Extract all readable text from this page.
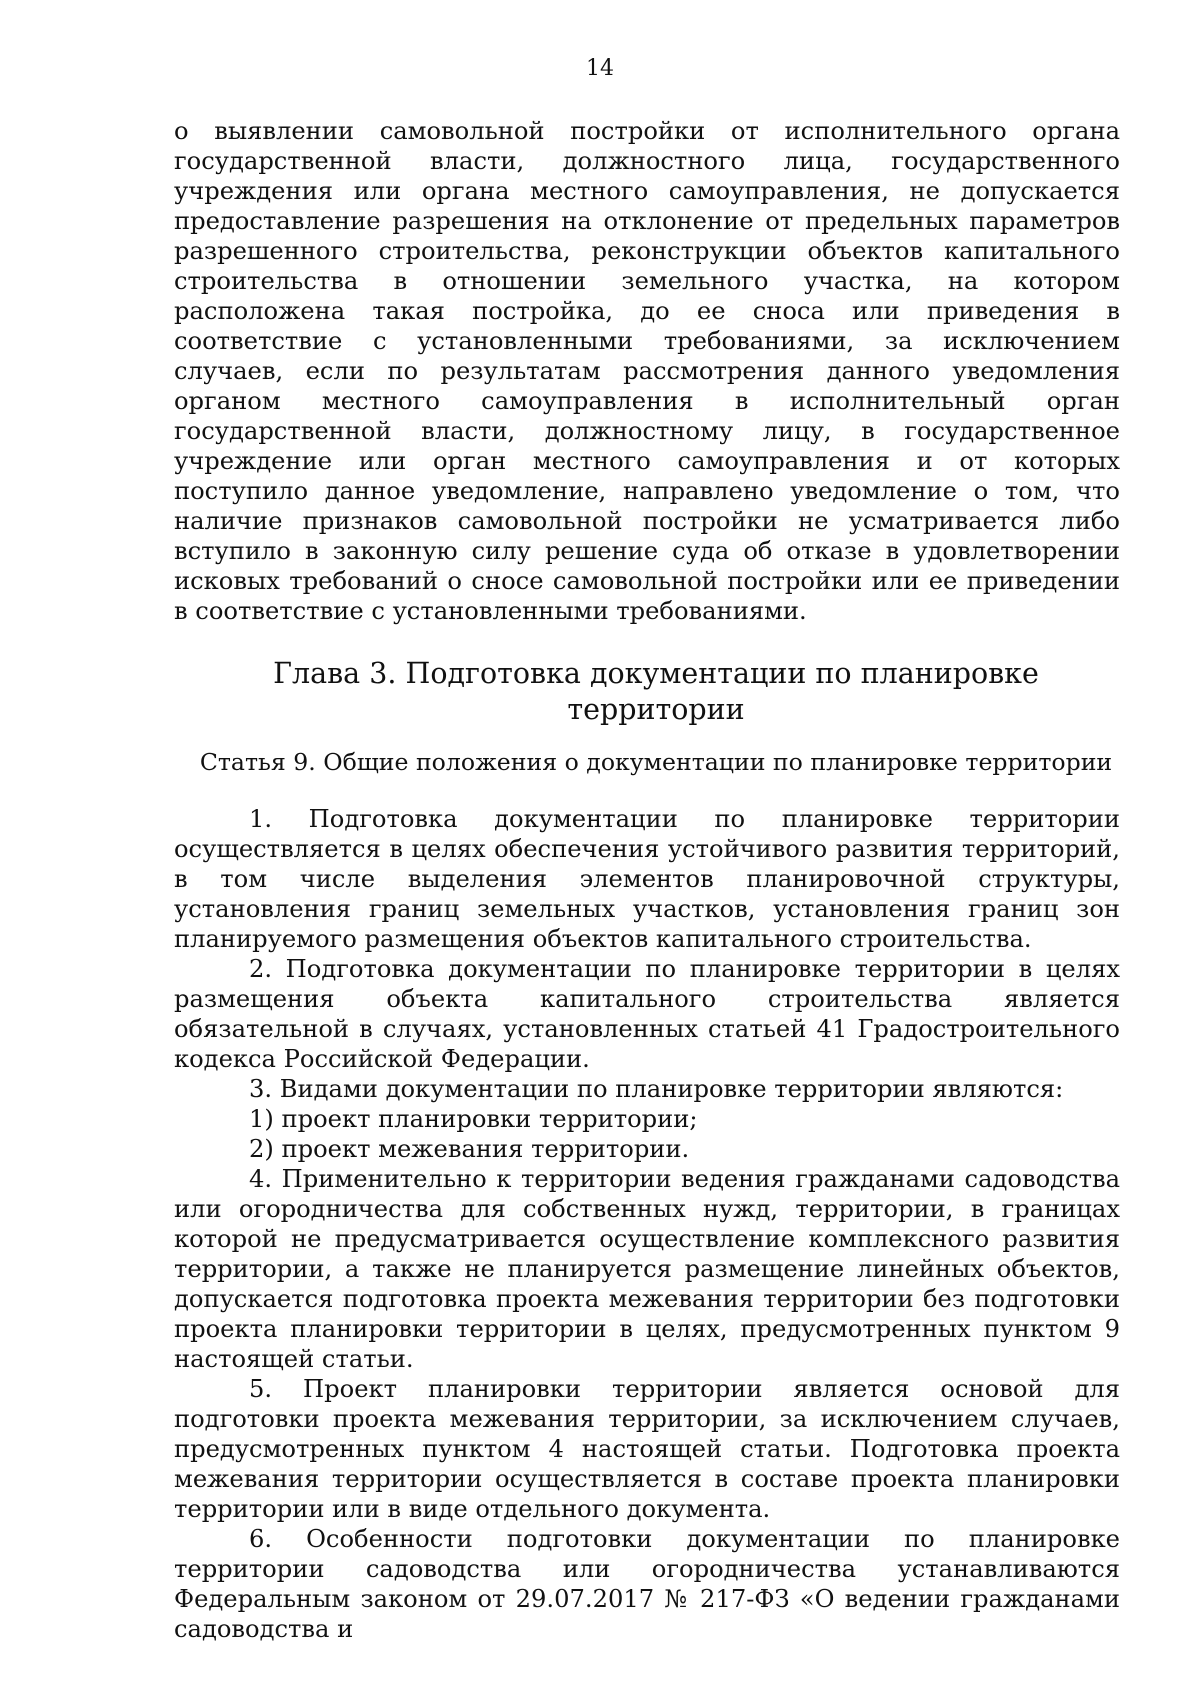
14

о выявлении самовольной постройки от исполнительного органа государственной власти, должностного лица, государственного учреждения или органа местного самоуправления, не допускается предоставление разрешения на отклонение от предельных параметров разрешенного строительства, реконструкции объектов капитального строительства в отношении земельного участка, на котором расположена такая постройка, до ее сноса или приведения в соответствие с установленными требованиями, за исключением случаев, если по результатам рассмотрения данного уведомления органом местного самоуправления в исполнительный орган государственной власти, должностному лицу, в государственное учреждение или орган местного самоуправления и от которых поступило данное уведомление, направлено уведомление о том, что наличие признаков самовольной постройки не усматривается либо вступило в законную силу решение суда об отказе в удовлетворении исковых требований о сносе самовольной постройки или ее приведении в соответствие с установленными требованиями.

Глава 3. Подготовка документации по планировке территории
Статья 9. Общие положения о документации по планировке территории

1. Подготовка документации по планировке территории осуществляется в целях обеспечения устойчивого развития территорий, в том числе выделения элементов планировочной структуры, установления границ земельных участков, установления границ зон планируемого размещения объектов капитального строительства.

2. Подготовка документации по планировке территории в целях размещения объекта капитального строительства является обязательной в случаях, установленных статьей 41 Градостроительного кодекса Российской Федерации.

3. Видами документации по планировке территории являются:

1) проект планировки территории;

2) проект межевания территории.

4. Применительно к территории ведения гражданами садоводства или огородничества для собственных нужд, территории, в границах которой не предусматривается осуществление комплексного развития территории, а также не планируется размещение линейных объектов, допускается подготовка проекта межевания территории без подготовки проекта планировки территории в целях, предусмотренных пунктом 9 настоящей статьи.

5. Проект планировки территории является основой для подготовки проекта межевания территории, за исключением случаев, предусмотренных пунктом 4 настоящей статьи. Подготовка проекта межевания территории осуществляется в составе проекта планировки территории или в виде отдельного документа.

6. Особенности подготовки документации по планировке территории садоводства или огородничества устанавливаются Федеральным законом от 29.07.2017 № 217-ФЗ «О ведении гражданами садоводства и
